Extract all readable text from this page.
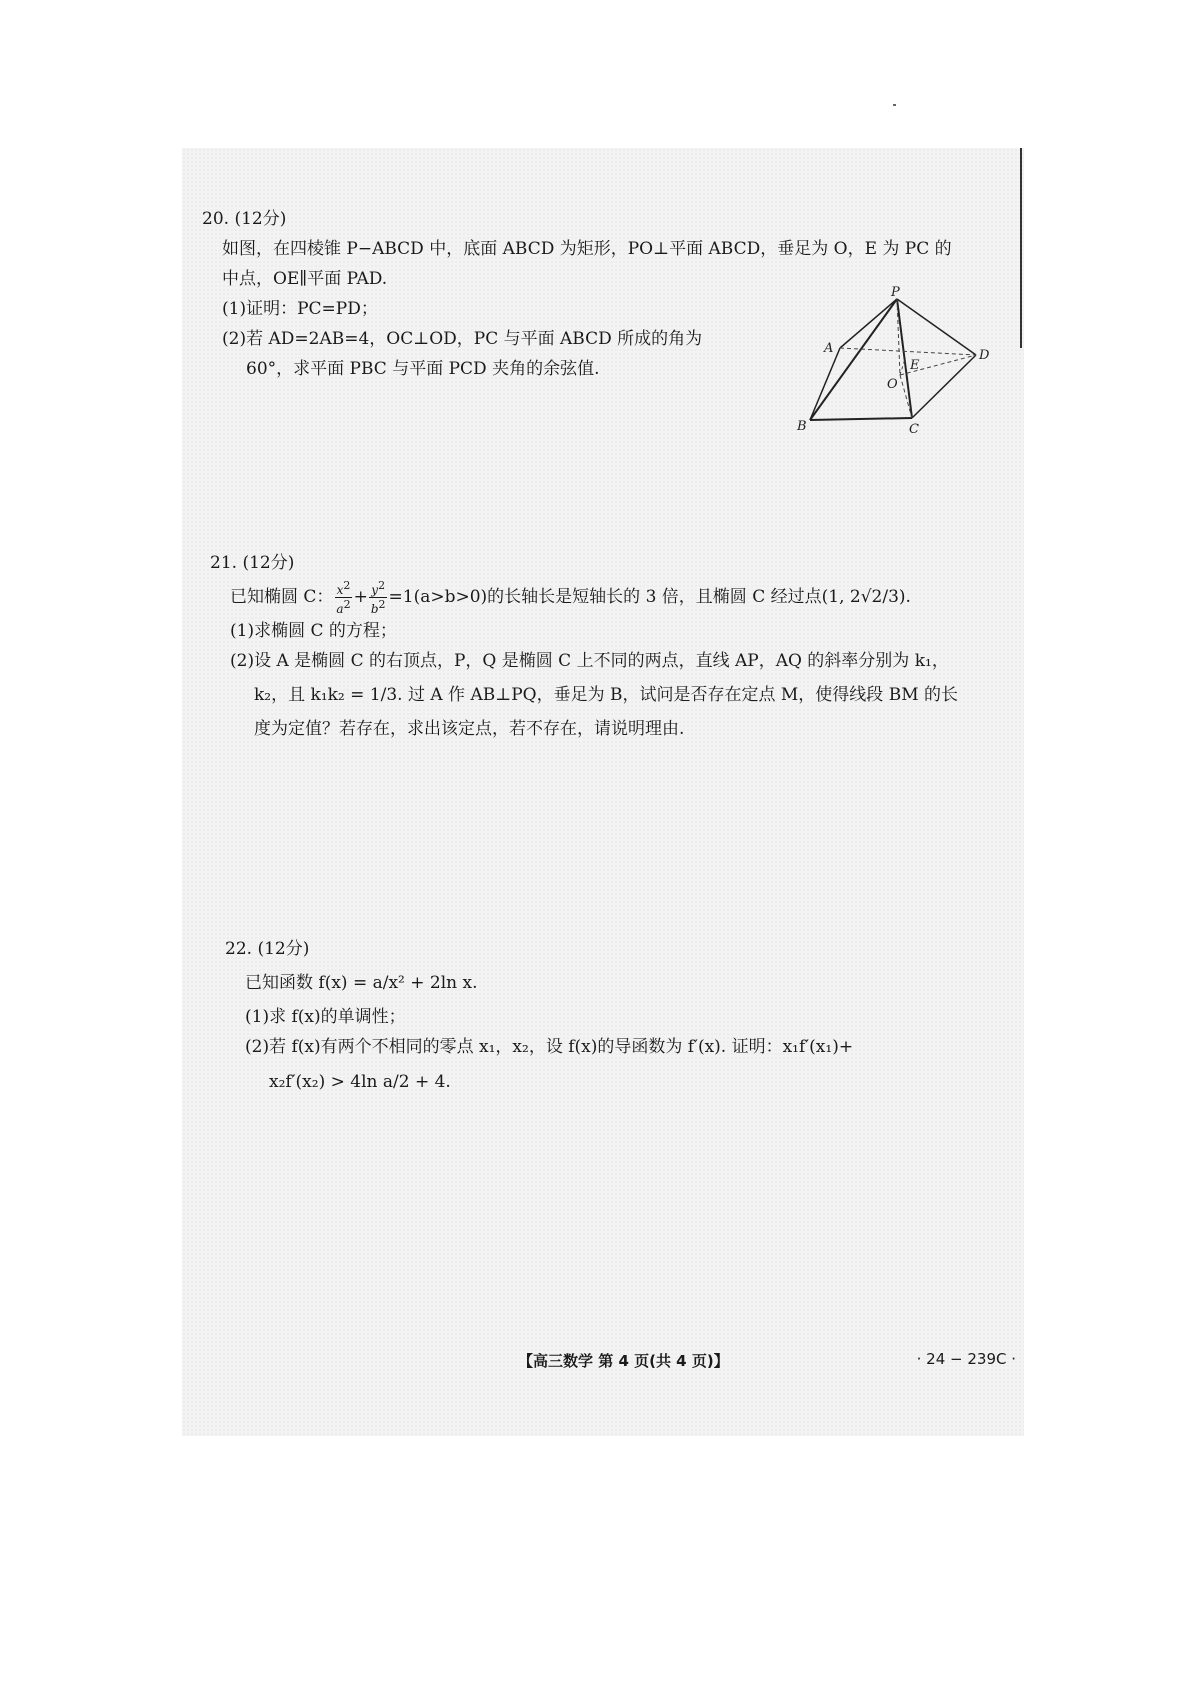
20. (12分)

如图，在四棱锥 P−ABCD 中，底面 ABCD 为矩形，PO⊥平面 ABCD，垂足为 O，E 为 PC 的

中点，OE∥平面 PAD.

(1)证明：PC=PD；

(2)若 AD=2AB=4，OC⊥OD，PC 与平面 ABCD 所成的角为

60°，求平面 PBC 与平面 PCD 夹角的余弦值.

P
A	D
E
O
B	C

21. (12分)

已知椭圆 C： $\frac{x^2}{a^2} + \frac{y^2}{b^2} =1(a>b>0)$的长轴长是短轴长的 3 倍，且椭圆 C 经过点(1, 2√2/3).

(1)求椭圆 C 的方程；

(2)设 A 是椭圆 C 的右顶点，P，Q 是椭圆 C 上不同的两点，直线 AP，AQ 的斜率分别为 k₁，

k₂，且 k₁k₂ = 1/3. 过 A 作 AB⊥PQ，垂足为 B，试问是否存在定点 M，使得线段 BM 的长

度为定值？若存在，求出该定点，若不存在，请说明理由.

22. (12分)

已知函数 f(x) = a/x² + 2ln x.

(1)求 f(x)的单调性；

(2)若 f(x)有两个不相同的零点 x₁，x₂，设 f(x)的导函数为 f′(x). 证明：x₁f′(x₁)+

x₂f′(x₂) > 4ln a/2 + 4.

【高三数学 第 4 页(共 4 页)】	· 24 − 239C ·
